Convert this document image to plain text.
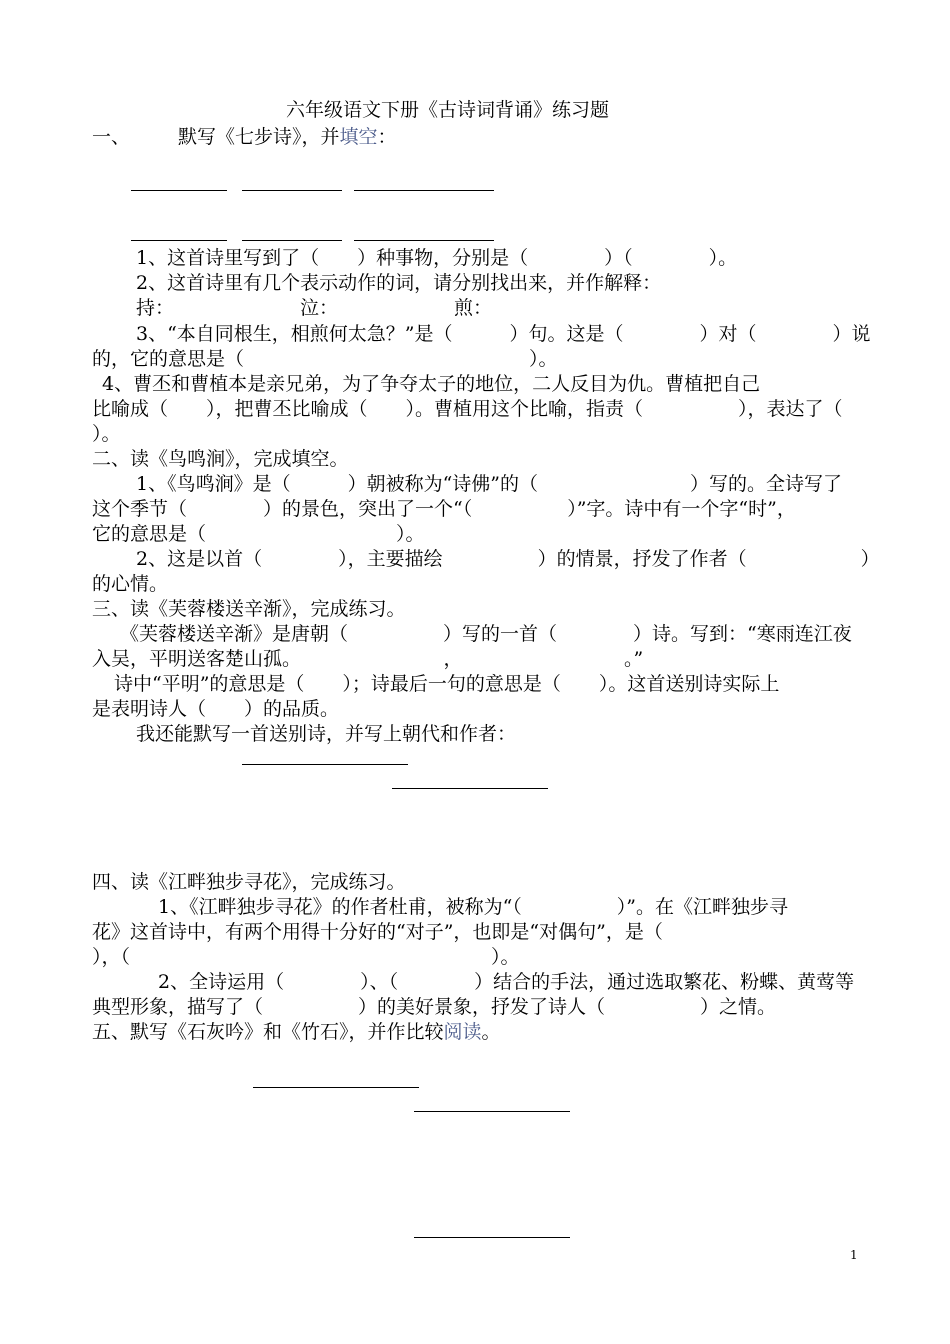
六年级语文下册《古诗词背诵》练习题
一、	默写《七步诗》，并填空：
1、这首诗里写到了（　　）种事物，分别是（　　　　）（　　　　）。
2、这首诗里有几个表示动作的词，请分别找出来，并作解释：
持：	泣：	煎：
3、“本自同根生，相煎何太急？”是（　　　）句。这是（　　　　）对（　　　　）说
的，它的意思是（　　　　　　　　　　　　　　　）。
4、曹丕和曹植本是亲兄弟，为了争夺太子的地位，二人反目为仇。曹植把自己
比喻成（　　），把曹丕比喻成（　　）。曹植用这个比喻，指责（　　　　　），表达了（
）。
二、读《鸟鸣涧》，完成填空。
1、《鸟鸣涧》是（　　　）朝被称为“诗佛”的（　　　　　　　　）写的。全诗写了
这个季节（　　　　）的景色，突出了一个“（　　　　　）”字。诗中有一个字“时”，
它的意思是（　　　　　　　　　　）。
2、这是以首（　　　　），主要描绘　　　　　）的情景，抒发了作者（　　　　　　）
的心情。
三、读《芙蓉楼送辛渐》，完成练习。
《芙蓉楼送辛渐》是唐朝（　　　　　）写的一首（　　　　）诗。写到：“寒雨连江夜
入吴，平明送客楚山孤。　　　　　　　　，　　　　　　　　　。”
诗中“平明”的意思是（　　）；诗最后一句的意思是（　　）。这首送别诗实际上
是表明诗人（　　）的品质。
我还能默写一首送别诗，并写上朝代和作者：
四、读《江畔独步寻花》，完成练习。
1、《江畔独步寻花》的作者杜甫，被称为“（　　　　　）”。在《江畔独步寻
花》这首诗中，有两个用得十分好的“对子”，也即是“对偶句”，是（
），（　　　　　　　　　　　　　　　　　　　）。
2、全诗运用（　　　　）、（　　　　）结合的手法，通过选取繁花、粉蝶、黄莺等
典型形象，描写了（　　　　　）的美好景象，抒发了诗人（　　　　　）之情。
五、默写《石灰吟》和《竹石》，并作比较阅读。
1
